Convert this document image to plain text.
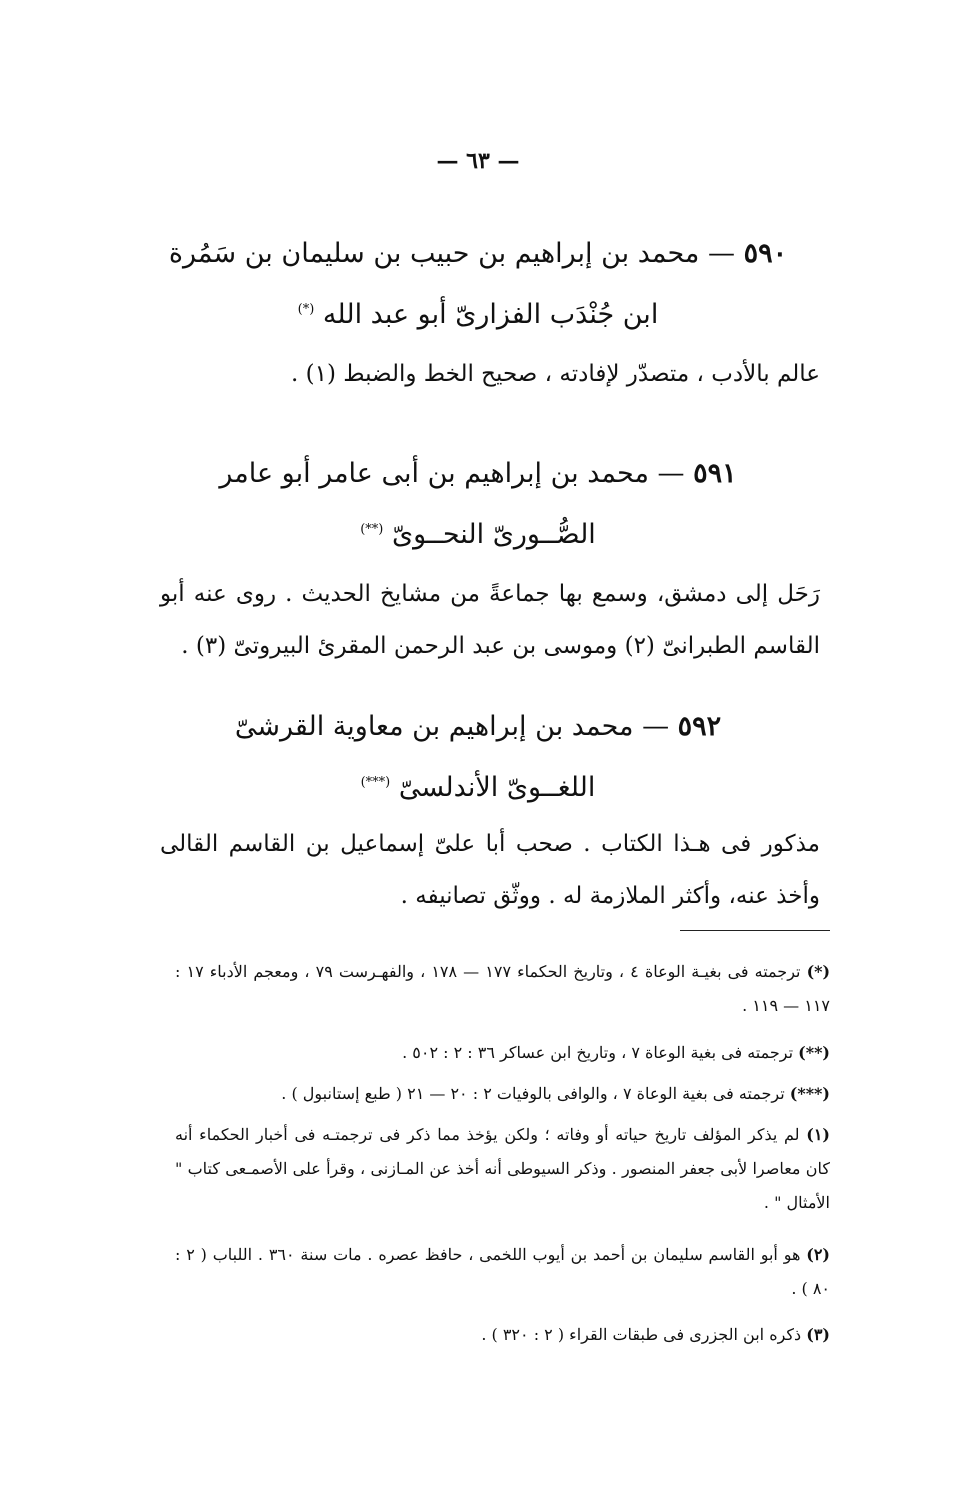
— ٦٣ —
٥٩٠ — محمد بن إبراهيم بن حبيب بن سليمان بن سَمُرة
ابن جُنْدَب الفزارىّ أبو عبد الله (*)
عالم بالأدب ، متصدّر لإفادته ، صحيح الخط والضبط (١) .
٥٩١ — محمد بن إبراهيم بن أبى عامر أبو عامر
الصُّــورىّ النحــوىّ (**)
رَحَل إلى دمشق، وسمع بها جماعةً من مشايخ الحديث . روى عنه أبو القاسم الطبرانىّ (٢) وموسى بن عبد الرحمن المقرئ البيروتىّ (٣) .
٥٩٢ — محمد بن إبراهيم بن معاوية القرشىّ
اللغــوىّ الأندلسىّ (***)
مذكور فى هـذا الكتاب . صحب أبا علىّ إسماعيل بن القاسم القالى وأخذ عنه، وأكثر الملازمة له . ووثّق تصانيفه .
(*) ترجمته فى بغيـة الوعاة ٤ ، وتاريخ الحكماء ١٧٧ — ١٧٨ ، والفهـرست ٧٩ ، ومعجم الأدباء ١٧ : ١١٧ — ١١٩ .
(**) ترجمته فى بغية الوعاة ٧ ، وتاريخ ابن عساكر ٣٦ : ٢ : ٥٠٢ .
(***) ترجمته فى بغية الوعاة ٧ ، والوافى بالوفيات ٢ : ٢٠ — ٢١ ( طبع إستانبول ) .
(١) لم يذكر المؤلف تاريخ حياته أو وفاته ؛ ولكن يؤخذ مما ذكر فى ترجمتـه فى أخبار الحكماء أنه كان معاصرا لأبى جعفر المنصور . وذكر السيوطى أنه أخذ عن المـازنى ، وقرأ على الأصمـعى كتاب " الأمثال " .
(٢) هو أبو القاسم سليمان بن أحمد بن أيوب اللخمى ، حافظ عصره . مات سنة ٣٦٠ . اللباب ( ٢ : ٨٠ ) .
(٣) ذكره ابن الجزرى فى طبقات القراء ( ٢ : ٣٢٠ ) .
